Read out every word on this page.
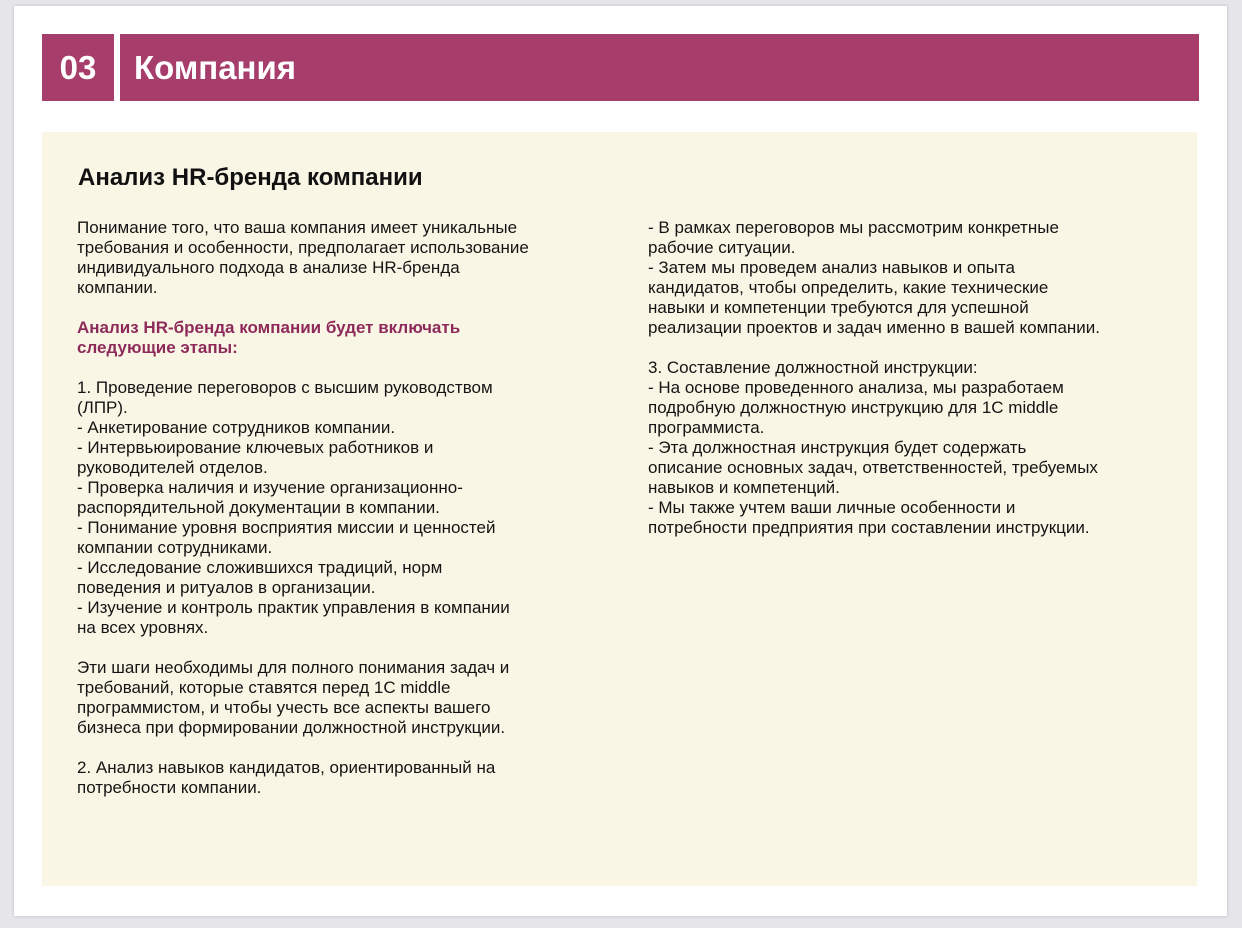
03	Компания
Анализ HR-бренда компании

Понимание того, что ваша компания имеет уникальные
требования и особенности, предполагает использование
индивидуального подхода в анализе HR-бренда
компании.

Анализ HR-бренда компании будет включать
следующие этапы:

1. Проведение переговоров с высшим руководством
(ЛПР).
- Анкетирование сотрудников компании.
- Интервьюирование ключевых работников и
руководителей отделов.
- Проверка наличия и изучение организационно-
распорядительной документации в компании.
- Понимание уровня восприятия миссии и ценностей
компании сотрудниками.
- Исследование сложившихся традиций, норм
поведения и ритуалов в организации.
- Изучение и контроль практик управления в компании
на всех уровнях.

Эти шаги необходимы для полного понимания задач и
требований, которые ставятся перед 1С middle
программистом, и чтобы учесть все аспекты вашего
бизнеса при формировании должностной инструкции.

2. Анализ навыков кандидатов, ориентированный на
потребности компании.

- В рамках переговоров мы рассмотрим конкретные
рабочие ситуации.
- Затем мы проведем анализ навыков и опыта
кандидатов, чтобы определить, какие технические
навыки и компетенции требуются для успешной
реализации проектов и задач именно в вашей компании.

3. Составление должностной инструкции:
- На основе проведенного анализа, мы разработаем
подробную должностную инструкцию для 1С middle
программиста.
- Эта должностная инструкция будет содержать
описание основных задач, ответственностей, требуемых
навыков и компетенций.
- Мы также учтем ваши личные особенности и
потребности предприятия при составлении инструкции.
